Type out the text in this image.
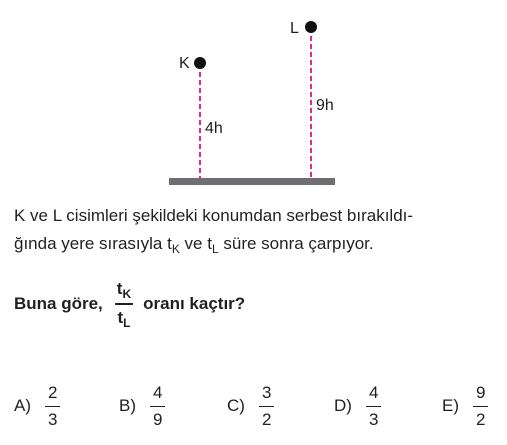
K
L
4h
9h
K ve L cisimleri şekildeki konumdan serbest bırakıldı-
ğında yere sırasıyla $t_K$ ve $t_L$ süre sonra çarpıyor.
Buna göre, $\frac{t_K}{t_L}$ oranı kaçtır?
A)
2
3
B)
4
9
C)
3
2
D)
4
3
E)
9
2
